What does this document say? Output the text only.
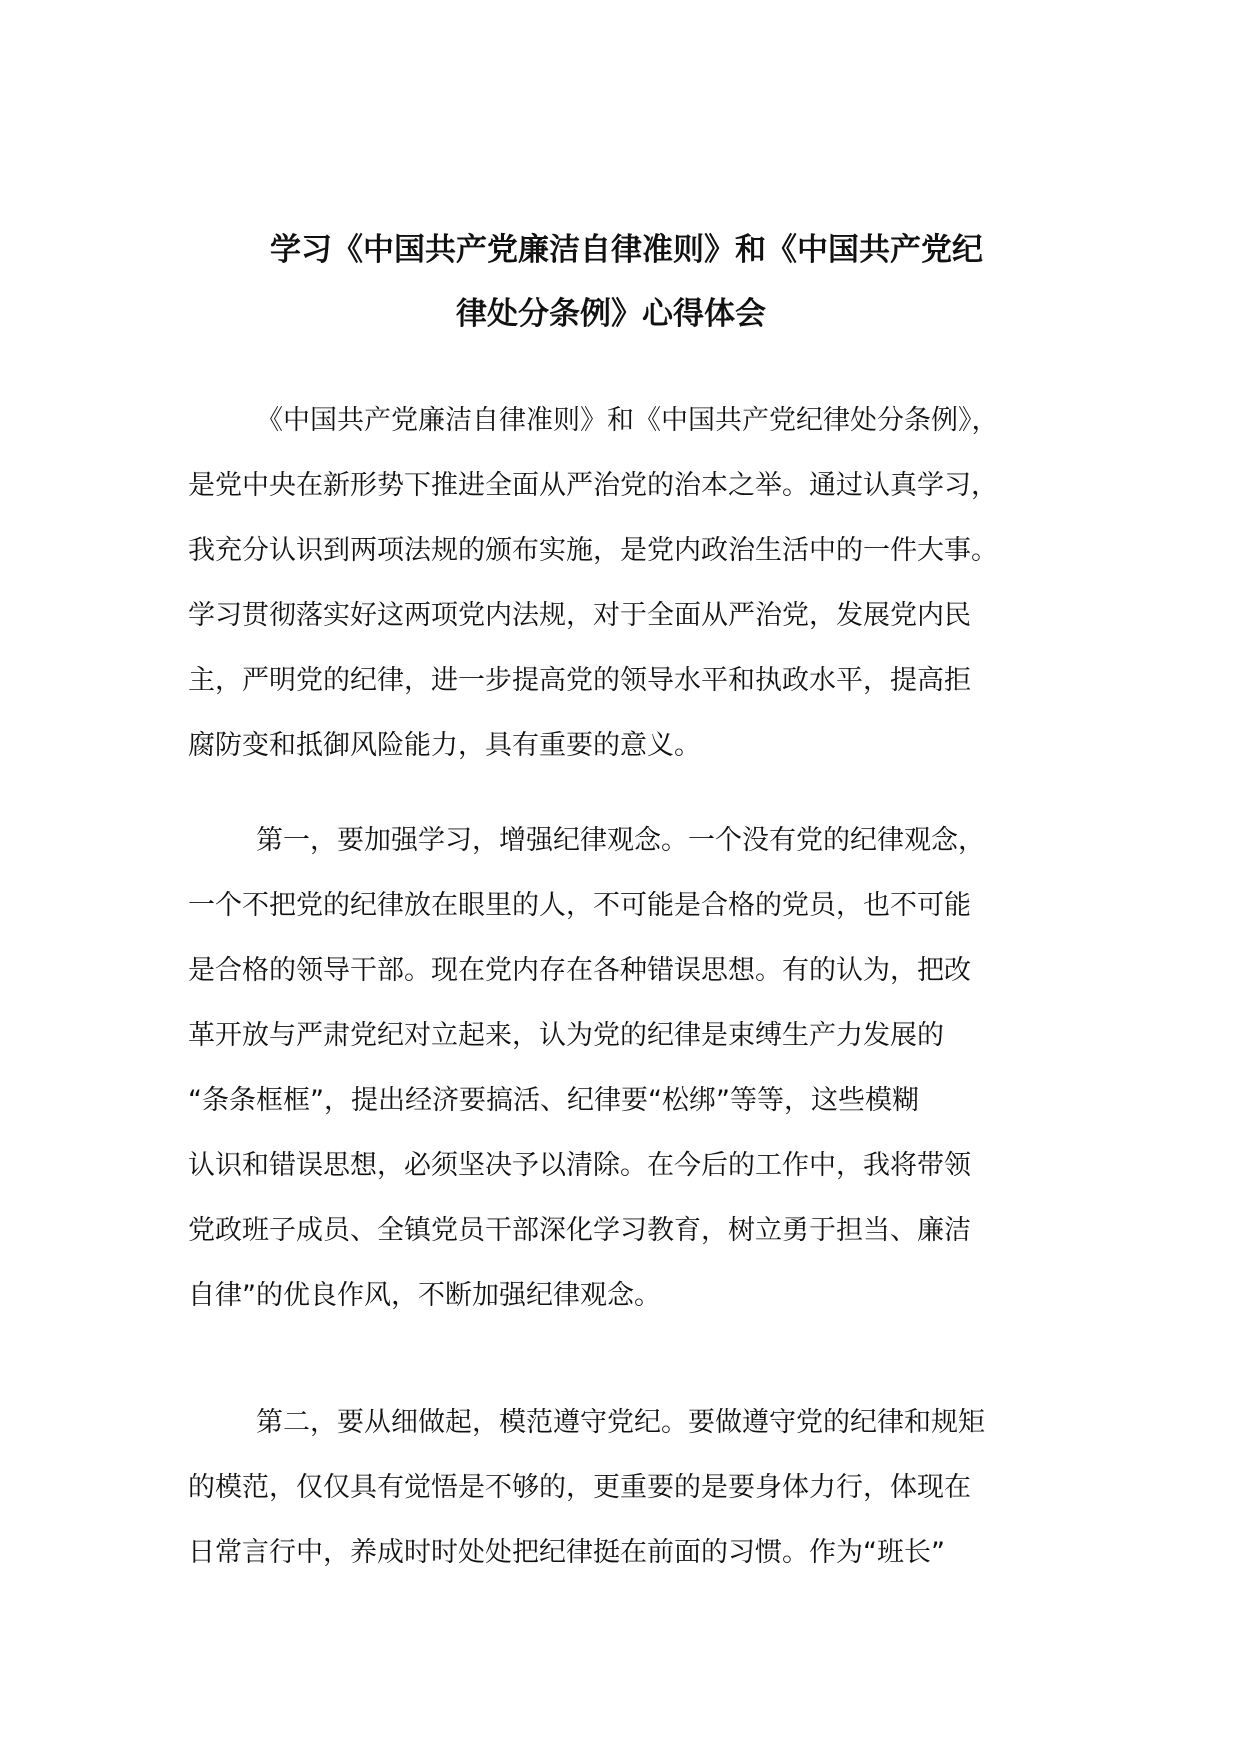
学习《中国共产党廉洁自律准则》和《中国共产党纪
律处分条例》心得体会
《中国共产党廉洁自律准则》和《中国共产党纪律处分条例》，
是党中央在新形势下推进全面从严治党的治本之举。通过认真学习，
我充分认识到两项法规的颁布实施，是党内政治生活中的一件大事。
学习贯彻落实好这两项党内法规，对于全面从严治党，发展党内民
主，严明党的纪律，进一步提高党的领导水平和执政水平，提高拒
腐防变和抵御风险能力，具有重要的意义。
第一，要加强学习，增强纪律观念。一个没有党的纪律观念，
一个不把党的纪律放在眼里的人，不可能是合格的党员，也不可能
是合格的领导干部。现在党内存在各种错误思想。有的认为，把改
革开放与严肃党纪对立起来，认为党的纪律是束缚生产力发展的
“条条框框”，提出经济要搞活、纪律要“松绑”等等，这些模糊
认识和错误思想，必须坚决予以清除。在今后的工作中，我将带领
党政班子成员、全镇党员干部深化学习教育，树立勇于担当、廉洁
自律”的优良作风，不断加强纪律观念。
第二，要从细做起，模范遵守党纪。要做遵守党的纪律和规矩
的模范，仅仅具有觉悟是不够的，更重要的是要身体力行，体现在
日常言行中，养成时时处处把纪律挺在前面的习惯。作为“班长”
